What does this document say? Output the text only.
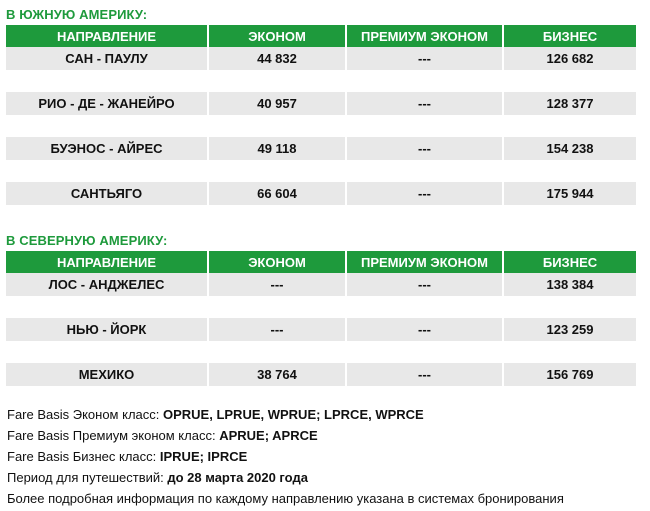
В ЮЖНУЮ АМЕРИКУ:
НАПРАВЛЕНИЕ	ЭКОНОМ	ПРЕМИУМ ЭКОНОМ	БИЗНЕС
САН - ПАУЛУ	44 832	---	126 682
РИО - ДЕ - ЖАНЕЙРО	40 957	---	128 377
БУЭНОС - АЙРЕС	49 118	---	154 238
САНТЬЯГО	66 604	---	175 944
В СЕВЕРНУЮ АМЕРИКУ:
НАПРАВЛЕНИЕ	ЭКОНОМ	ПРЕМИУМ ЭКОНОМ	БИЗНЕС
ЛОС - АНДЖЕЛЕС	---	---	138 384
НЬЮ - ЙОРК	---	---	123 259
МЕХИКО	38 764	---	156 769
Fare Basis Эконом класс: OPRUE, LPRUE, WPRUE; LPRCE, WPRCE
Fare Basis Премиум эконом класс: APRUE; APRCE
Fare Basis Бизнес класс: IPRUE; IPRCE
Период для путешествий: до 28 марта 2020 года
Более подробная информация по каждому направлению указана в системах бронирования
